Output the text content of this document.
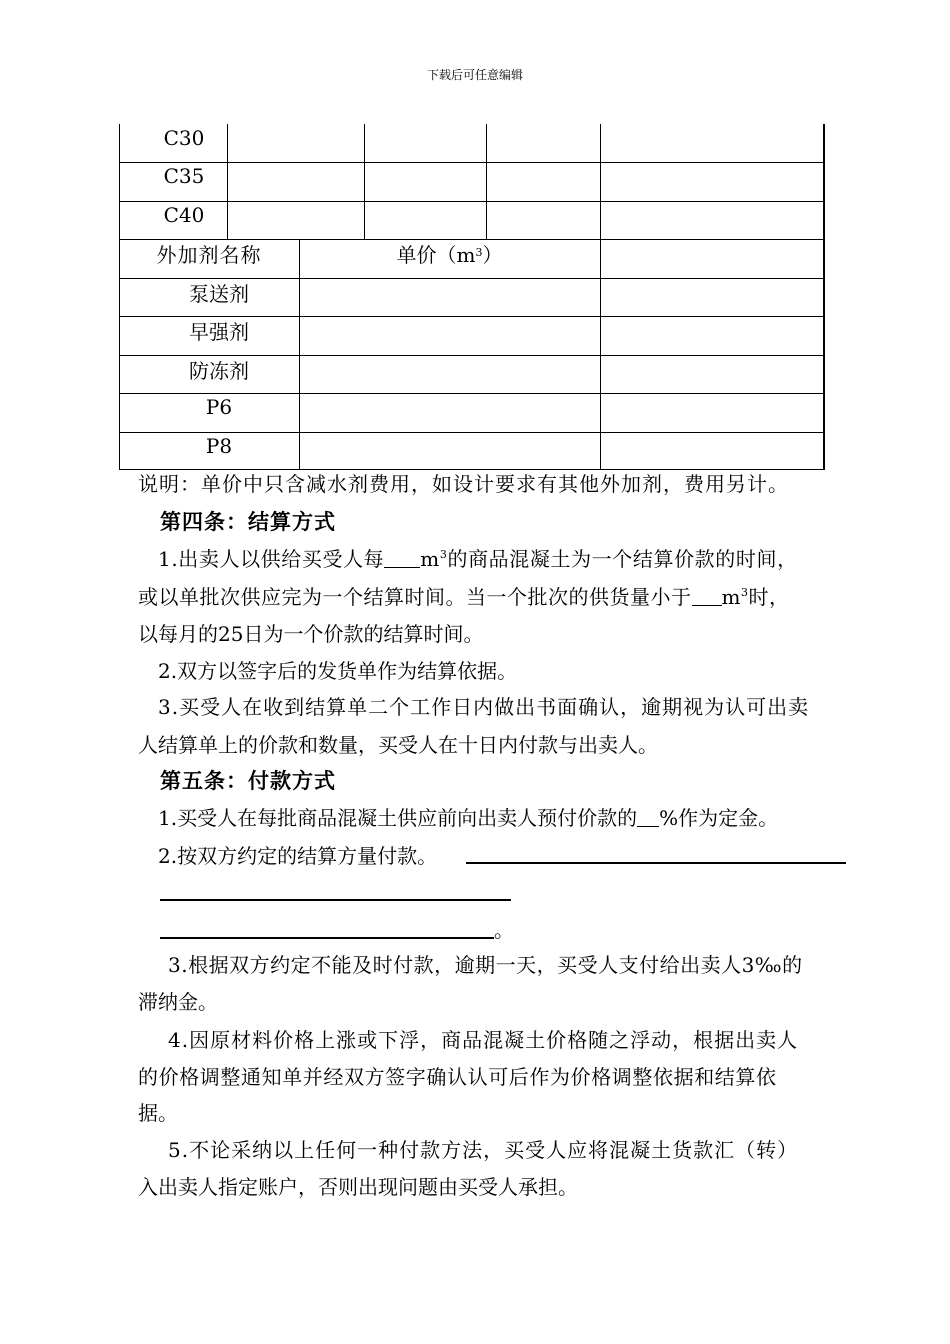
下载后可任意编辑
C30
C35
C40
外加剂名称	单价（m 3 ）
泵送剂
早强剂
防冻剂
P6
P8
说明：单价中只含减水剂费用，如设计要求有其他外加剂，费用另计。
第四条：结算方式
1.出卖人以供给买受人每 $m^3$的商品混凝土为一个结算价款的时间，
或以单批次供应完为一个结算时间。当一个批次的供货量小于 $m^3$时，
以每月的25日为一个价款的结算时间。
2.双方以签字后的发货单作为结算依据。
3.买受人在收到结算单二个工作日内做出书面确认，逾期视为认可出卖
人结算单上的价款和数量，买受人在十日内付款与出卖人。
第五条：付款方式
1.买受人在每批商品混凝土供应前向出卖人预付价款的 %作为定金。
2.按双方约定的结算方量付款。
。
3.根据双方约定不能及时付款，逾期一天，买受人支付给出卖人3‰的
滞纳金。
4.因原材料价格上涨或下浮，商品混凝土价格随之浮动，根据出卖人
的价格调整通知单并经双方签字确认认可后作为价格调整依据和结算依
据。
5.不论采纳以上任何一种付款方法，买受人应将混凝土货款汇（转）
入出卖人指定账户，否则出现问题由买受人承担。
